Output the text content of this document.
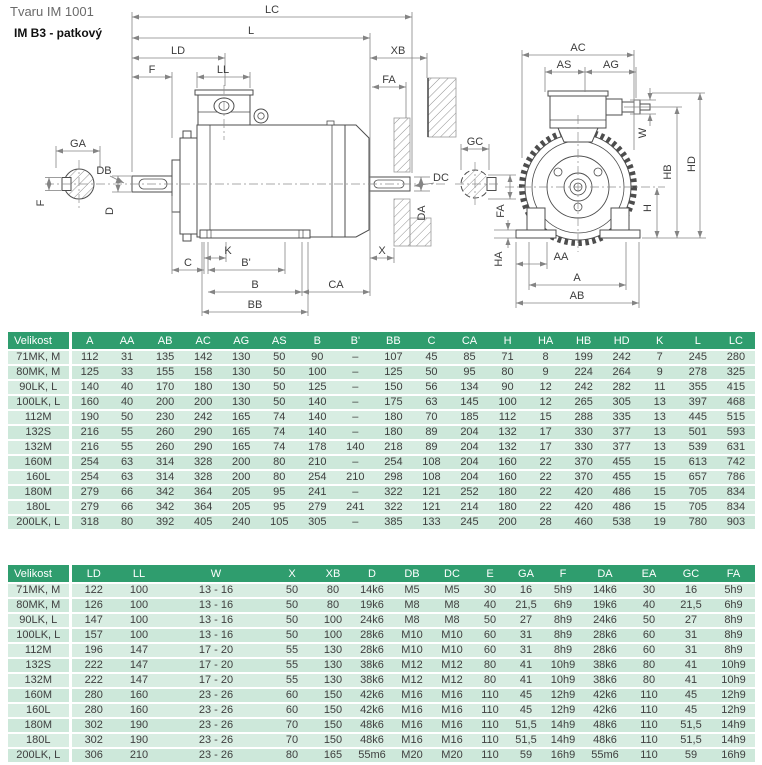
Tvaru IM 1001

IM B3 - patkový

LC
L
LD	XB
F	LL
FA
GA
F
DB
D
K
C	B'
B	CA
BB
X
DC
DA
GC
AC
AS	AG
W
HB
HD
H
FA
HA	AA
A
AB
Velikost	A	AA	AB	AC	AG	AS	B	B'	BB	C	CA	H	HA	HB	HD	K	L	LC
71MK, M	112	31	135	142	130	50	90	–	107	45	85	71	8	199	242	7	245	280
80MK, M	125	33	155	158	130	50	100	–	125	50	95	80	9	224	264	9	278	325
90LK, L	140	40	170	180	130	50	125	–	150	56	134	90	12	242	282	11	355	415
100LK, L	160	40	200	200	130	50	140	–	175	63	145	100	12	265	305	13	397	468
112M	190	50	230	242	165	74	140	–	180	70	185	112	15	288	335	13	445	515
132S	216	55	260	290	165	74	140	–	180	89	204	132	17	330	377	13	501	593
132M	216	55	260	290	165	74	178	140	218	89	204	132	17	330	377	13	539	631
160M	254	63	314	328	200	80	210	–	254	108	204	160	22	370	455	15	613	742
160L	254	63	314	328	200	80	254	210	298	108	204	160	22	370	455	15	657	786
180M	279	66	342	364	205	95	241	–	322	121	252	180	22	420	486	15	705	834
180L	279	66	342	364	205	95	279	241	322	121	214	180	22	420	486	15	705	834
200LK, L	318	80	392	405	240	105	305	–	385	133	245	200	28	460	538	19	780	903
Velikost	LD	LL	W	X	XB	D	DB	DC	E	GA	F	DA	EA	GC	FA
71MK, M	122	100	13 - 16	50	80	14k6	M5	M5	30	16	5h9	14k6	30	16	5h9
80MK, M	126	100	13 - 16	50	80	19k6	M8	M8	40	21,5	6h9	19k6	40	21,5	6h9
90LK, L	147	100	13 - 16	50	100	24k6	M8	M8	50	27	8h9	24k6	50	27	8h9
100LK, L	157	100	13 - 16	50	100	28k6	M10	M10	60	31	8h9	28k6	60	31	8h9
112M	196	147	17 - 20	55	130	28k6	M10	M10	60	31	8h9	28k6	60	31	8h9
132S	222	147	17 - 20	55	130	38k6	M12	M12	80	41	10h9	38k6	80	41	10h9
132M	222	147	17 - 20	55	130	38k6	M12	M12	80	41	10h9	38k6	80	41	10h9
160M	280	160	23 - 26	60	150	42k6	M16	M16	110	45	12h9	42k6	110	45	12h9
160L	280	160	23 - 26	60	150	42k6	M16	M16	110	45	12h9	42k6	110	45	12h9
180M	302	190	23 - 26	70	150	48k6	M16	M16	110	51,5	14h9	48k6	110	51,5	14h9
180L	302	190	23 - 26	70	150	48k6	M16	M16	110	51,5	14h9	48k6	110	51,5	14h9
200LK, L	306	210	23 - 26	80	165	55m6	M20	M20	110	59	16h9	55m6	110	59	16h9
